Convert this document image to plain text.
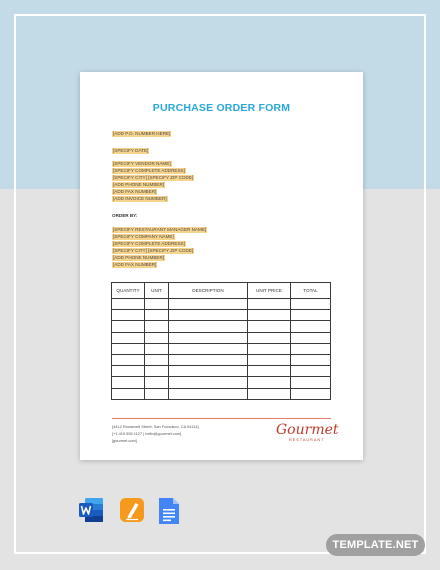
PURCHASE ORDER FORM
[ADD P.O. NUMBER HERE]
[SPECIFY DATE]
[SPECIFY VENDOR NAME]
[SPECIFY COMPLETE ADDRESS]
[SPECIFY CITY] [SPECIFY ZIP CODE]
[ADD PHONE NUMBER]
[ADD FAX NUMBER]
[ADD INVOICE NUMBER]
ORDER BY:
[SPECIFY RESTAURANT MANAGER NAME]
[SPECIFY COMPANY NAME]
[SPECIFY COMPLETE ADDRESS]
[SPECIFY CITY] [SPECIFY ZIP CODE]
[ADD PHONE NUMBER]
[ADD FAX NUMBER]
QUANTITY	UNIT	DESCRIPTION	UNIT PRICE	TOTAL

[4412 Roosevelt Street, San Francisco, CA 94114]
[+1 415 555 1127 | hello@gourmet.com]
[gourmet.com]
Gourmet
RESTAURANT
TEMPLATE.NET
